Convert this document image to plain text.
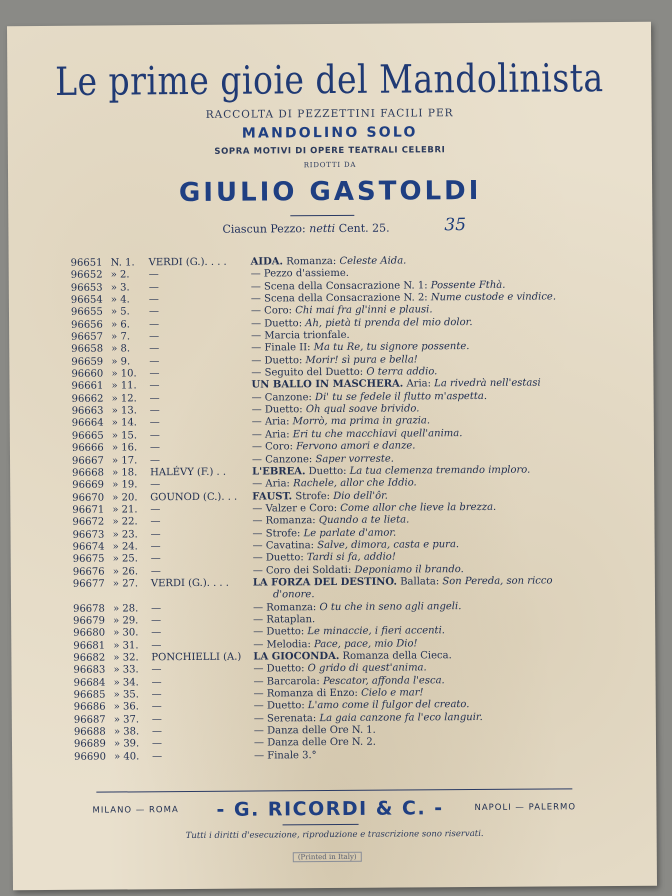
Le prime gioie del Mandolinista
RACCOLTA DI PEZZETTINI FACILI PER
MANDOLINO SOLO
SOPRA MOTIVI DI OPERE TEATRALI CELEBRI
RIDOTTI DA
GIULIO GASTOLDI
Ciascun Pezzo: netti Cent. 25.	35
96651 N. 1. VERDI (G.). . . . AIDA. Romanza: Celeste Aida.
96652 » 2. —	— Pezzo d'assieme.
96653 » 3. —	— Scena della Consacrazione N. 1: Possente Fthà.
96654 » 4. —	— Scena della Consacrazione N. 2: Nume custode e vindice.
96655 » 5. —	— Coro: Chi mai fra gl'inni e plausi.
96656 » 6. —	— Duetto: Ah, pietà ti prenda del mio dolor.
96657 » 7. —	— Marcia trionfale.
96658 » 8. —	— Finale II: Ma tu Re, tu signore possente.
96659 » 9. —	— Duetto: Morir! sì pura e bella!
96660 » 10. —	— Seguito del Duetto: O terra addio.
96661 » 11. —	UN BALLO IN MASCHERA. Aria: La rivedrà nell'estasi
96662 » 12. —	— Canzone: Di' tu se fedele il flutto m'aspetta.
96663 » 13. —	— Duetto: Oh qual soave brivido.
96664 » 14. —	— Aria: Morrò, ma prima in grazia.
96665 » 15. —	— Aria: Eri tu che macchiavi quell'anima.
96666 » 16. —	— Coro: Fervono amori e danze.
96667 » 17. —	— Canzone: Saper vorreste.
96668 » 18. HALÉVY (F.) . .	L'EBREA. Duetto: La tua clemenza tremando imploro.
96669 » 19. —	— Aria: Rachele, allor che Iddio.
96670 » 20. GOUNOD (C.). . . FAUST. Strofe: Dio dell'ôr.
96671 » 21. —	— Valzer e Coro: Come allor che lieve la brezza.
96672 » 22. —	— Romanza: Quando a te lieta.
96673 » 23. —	— Strofe: Le parlate d'amor.
96674 » 24. —	— Cavatina: Salve, dimora, casta e pura.
96675 » 25. —	— Duetto: Tardi si fa, addio!
96676 » 26. —	— Coro dei Soldati: Deponiamo il brando.
96677 » 27. VERDI (G.). . . . LA FORZA DEL DESTINO. Ballata: Son Pereda, son ricco
d'onore.
96678 » 28. —	— Romanza: O tu che in seno agli angeli.
96679 » 29. —	— Rataplan.
96680 » 30. —	— Duetto: Le minaccie, i fieri accenti.
96681 » 31. —	— Melodia: Pace, pace, mio Dio!
96682 » 32. PONCHIELLI (A.) LA GIOCONDA. Romanza della Cieca.
96683 » 33. —	— Duetto: O grido di quest'anima.
96684 » 34. —	— Barcarola: Pescator, affonda l'esca.
96685 » 35. —	— Romanza di Enzo: Cielo e mar!
96686 » 36. —	— Duetto: L'amo come il fulgor del creato.
96687 » 37. —	— Serenata: La gaia canzone fa l'eco languir.
96688 » 38. —	— Danza delle Ore N. 1.
96689 » 39. —	— Danza delle Ore N. 2.
96690 » 40. —	— Finale 3.°
MILANO — ROMA - G. RICORDI & C. -	NAPOLI — PALERMO
Tutti i diritti d'esecuzione, riproduzione e trascrizione sono riservati.
(Printed in Italy)
